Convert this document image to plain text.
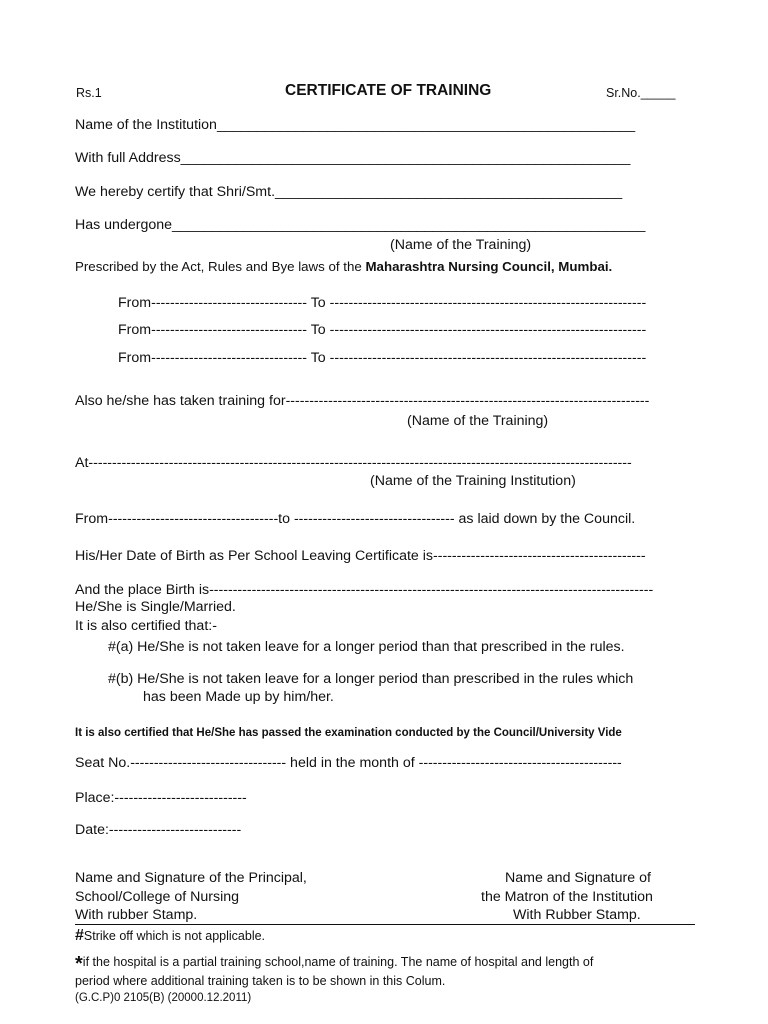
Rs.1	CERTIFICATE OF TRAINING	Sr.No._____
Name of the Institution_____________________________________________________
With full Address_________________________________________________________
We hereby certify that Shri/Smt.____________________________________________
Has undergone____________________________________________________________
(Name of the Training)
Prescribed by the Act, Rules and Bye laws of the Maharashtra Nursing Council, Mumbai.
From--------------------------------- To -------------------------------------------------------------------
From--------------------------------- To -------------------------------------------------------------------
From--------------------------------- To -------------------------------------------------------------------
Also he/she has taken training for-----------------------------------------------------------------------------
(Name of the Training)
At-------------------------------------------------------------------------------------------------------------------
(Name of the Training Institution)
From------------------------------------to ---------------------------------- as laid down by the Council.
His/Her Date of Birth as Per School Leaving Certificate is---------------------------------------------
And the place Birth is----------------------------------------------------------------------------------------------
He/She is Single/Married.
It is also certified that:-
#(a) He/She is not taken leave for a longer period than that prescribed in the rules.
#(b) He/She is not taken leave for a longer period than prescribed in the rules which
has been Made up by him/her.
It is also certified that He/She has passed the examination conducted by the Council/University Vide
Seat No.--------------------------------- held in the month of -------------------------------------------
Place:----------------------------
Date:----------------------------
Name and Signature of the Principal,
School/College of Nursing
With rubber Stamp.
Name and Signature of
the Matron of the Institution
With Rubber Stamp.
#Strike off which is not applicable.
*if the hospital is a partial training school,name of training. The name of hospital and length of
period where additional training taken is to be shown in this Colum.
(G.C.P)0 2105(B) (20000.12.2011)
